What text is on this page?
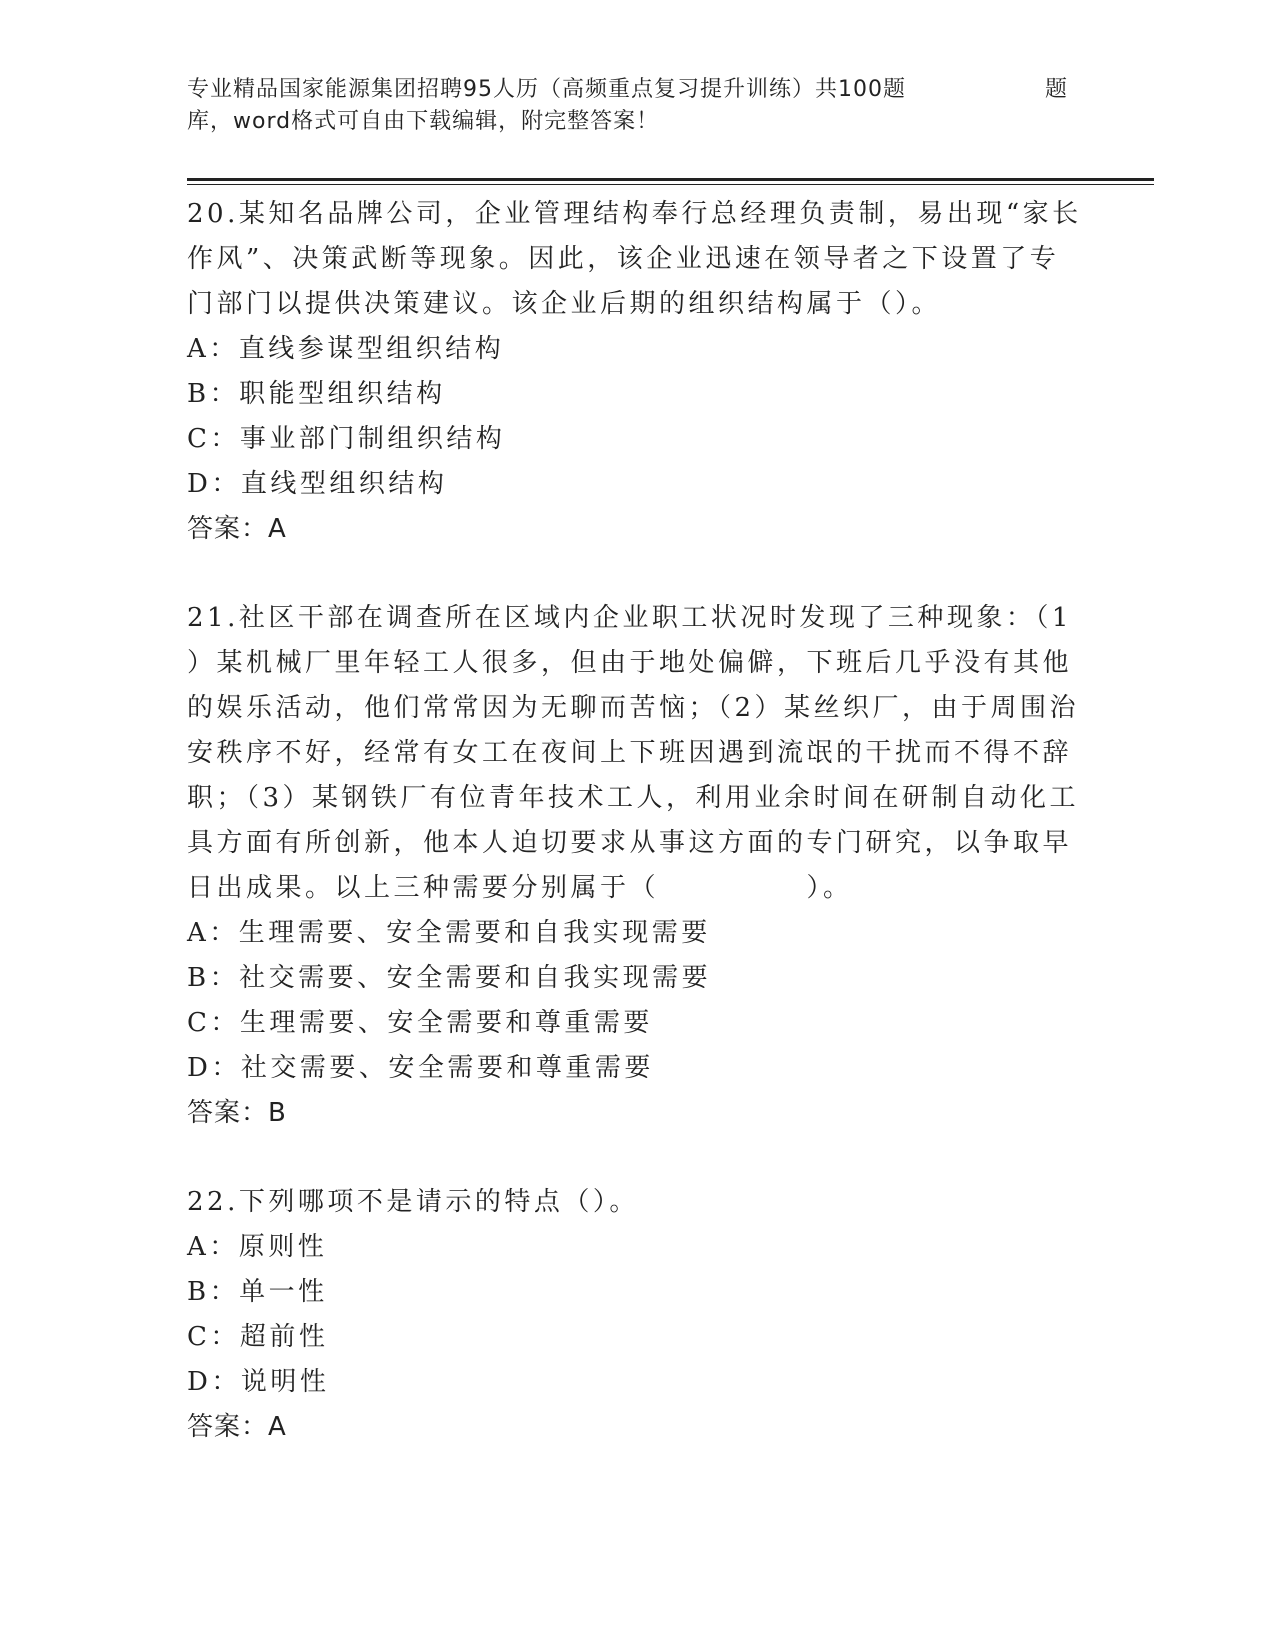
专业精品国家能源集团招聘95人历（高频重点复习提升训练）共100题	题
库，word格式可自由下载编辑，附完整答案！
20.某知名品牌公司，企业管理结构奉行总经理负责制，易出现“家长
作风”、决策武断等现象。因此，该企业迅速在领导者之下设置了专
门部门以提供决策建议。该企业后期的组织结构属于（）。
A：直线参谋型组织结构
B：职能型组织结构
C：事业部门制组织结构
D：直线型组织结构
答案：A
21.社区干部在调查所在区域内企业职工状况时发现了三种现象：（1
）某机械厂里年轻工人很多，但由于地处偏僻，下班后几乎没有其他
的娱乐活动，他们常常因为无聊而苦恼；（2）某丝织厂，由于周围治
安秩序不好，经常有女工在夜间上下班因遇到流氓的干扰而不得不辞
职；（3）某钢铁厂有位青年技术工人，利用业余时间在研制自动化工
具方面有所创新，他本人迫切要求从事这方面的专门研究，以争取早
日出成果。以上三种需要分别属于（　　　　　）。
A：生理需要、安全需要和自我实现需要
B：社交需要、安全需要和自我实现需要
C：生理需要、安全需要和尊重需要
D：社交需要、安全需要和尊重需要
答案：B
22.下列哪项不是请示的特点（）。
A：原则性
B：单一性
C：超前性
D：说明性
答案：A
